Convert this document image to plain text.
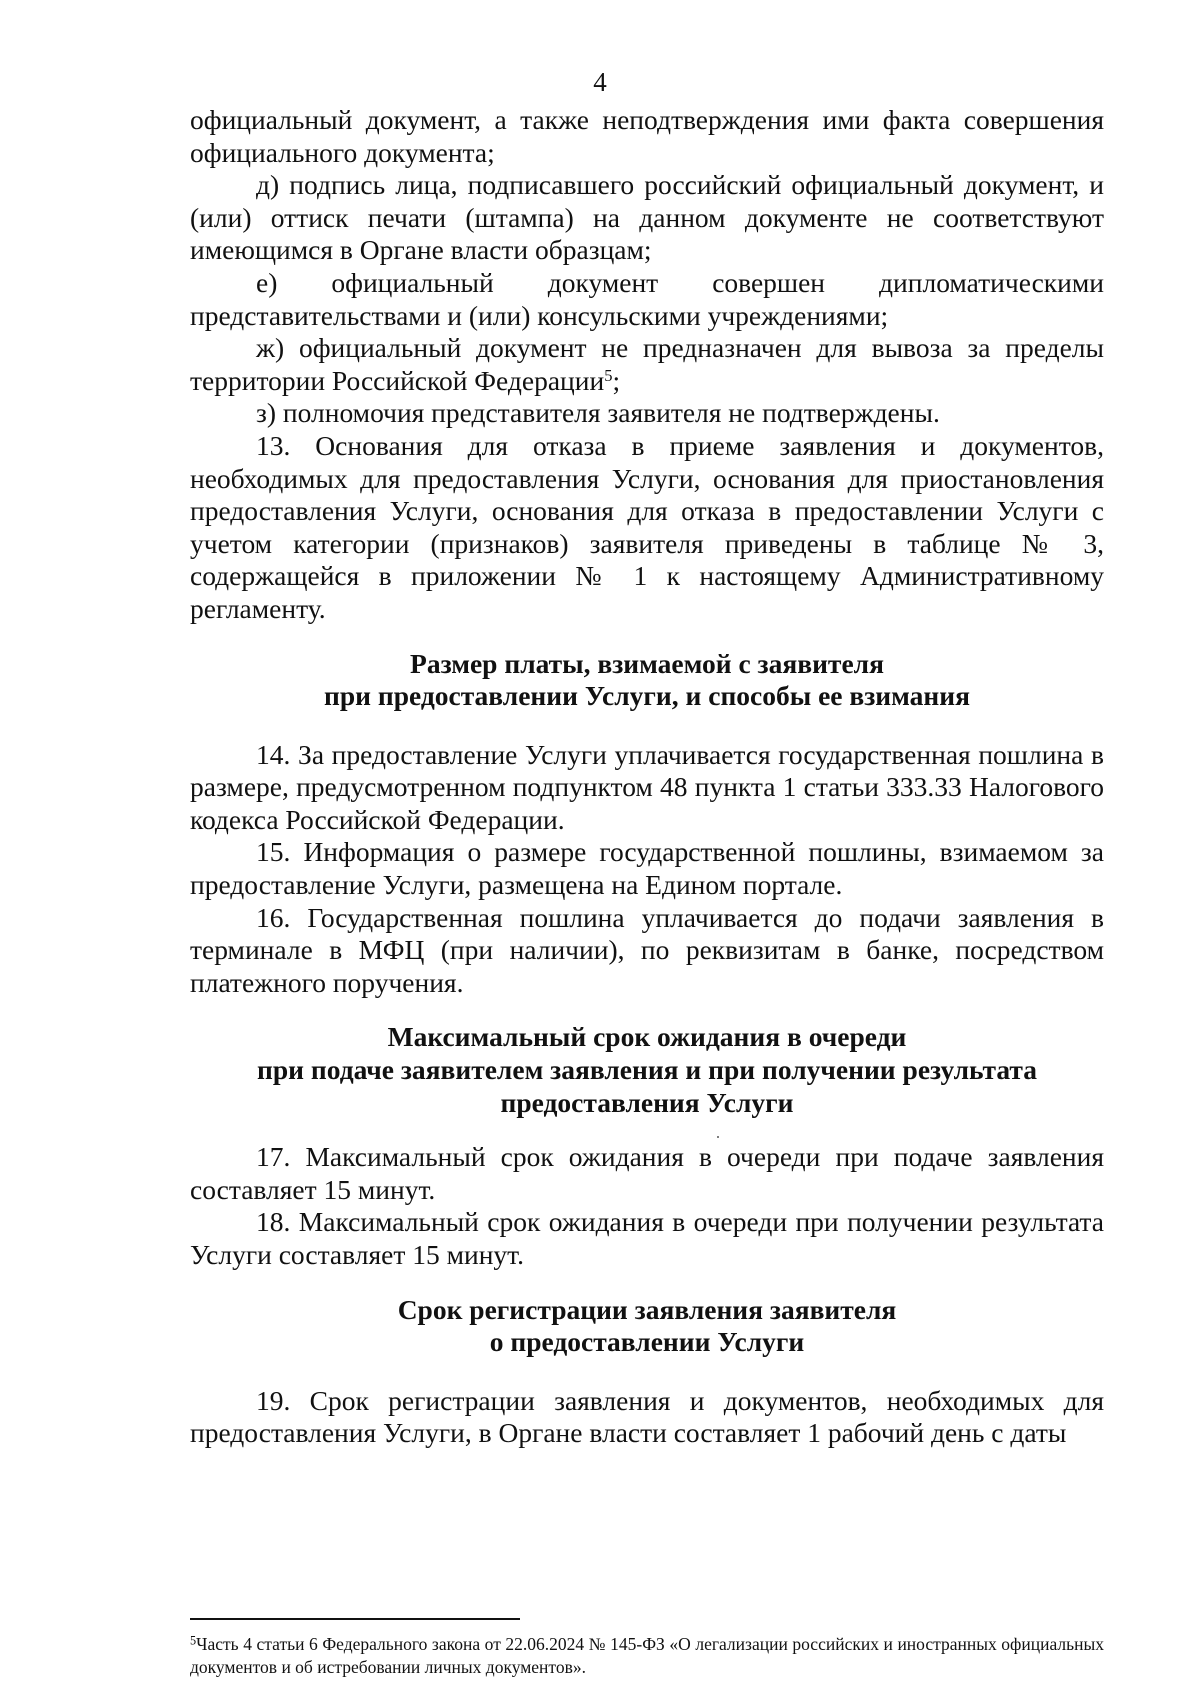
4

официальный документ, а также неподтверждения ими факта совершения официального документа;

д) подпись лица, подписавшего российский официальный документ, и (или) оттиск печати (штампа) на данном документе не соответствуют имеющимся в Органе власти образцам;

е) официальный документ совершен дипломатическими представительствами и (или) консульскими учреждениями;

ж) официальный документ не предназначен для вывоза за пределы территории Российской Федерации$^5$;

з) полномочия представителя заявителя не подтверждены.

13. Основания для отказа в приеме заявления и документов, необходимых для предоставления Услуги, основания для приостановления предоставления Услуги, основания для отказа в предоставлении Услуги с учетом категории (признаков) заявителя приведены в таблице № 3, содержащейся в приложении № 1 к настоящему Административному регламенту.

Размер платы, взимаемой с заявителя

при предоставлении Услуги, и способы ее взимания

14. За предоставление Услуги уплачивается государственная пошлина в размере, предусмотренном подпунктом 48 пункта 1 статьи 333.33 Налогового кодекса Российской Федерации.

15. Информация о размере государственной пошлины, взимаемом за предоставление Услуги, размещена на Едином портале.

16. Государственная пошлина уплачивается до подачи заявления в терминале в МФЦ (при наличии), по реквизитам в банке, посредством платежного поручения.

Максимальный срок ожидания в очереди

при подаче заявителем заявления и при получении результата

предоставления Услуги

17. Максимальный срок ожидания в очереди при подаче заявления составляет 15 минут.

18. Максимальный срок ожидания в очереди при получении результата Услуги составляет 15 минут.

Срок регистрации заявления заявителя

о предоставлении Услуги

19. Срок регистрации заявления и документов, необходимых для предоставления Услуги, в Органе власти составляет 1 рабочий день с даты

$^5$Часть 4 статьи 6 Федерального закона от 22.06.2024 № 145-ФЗ «О легализации российских и иностранных официальных документов и об истребовании личных документов».
